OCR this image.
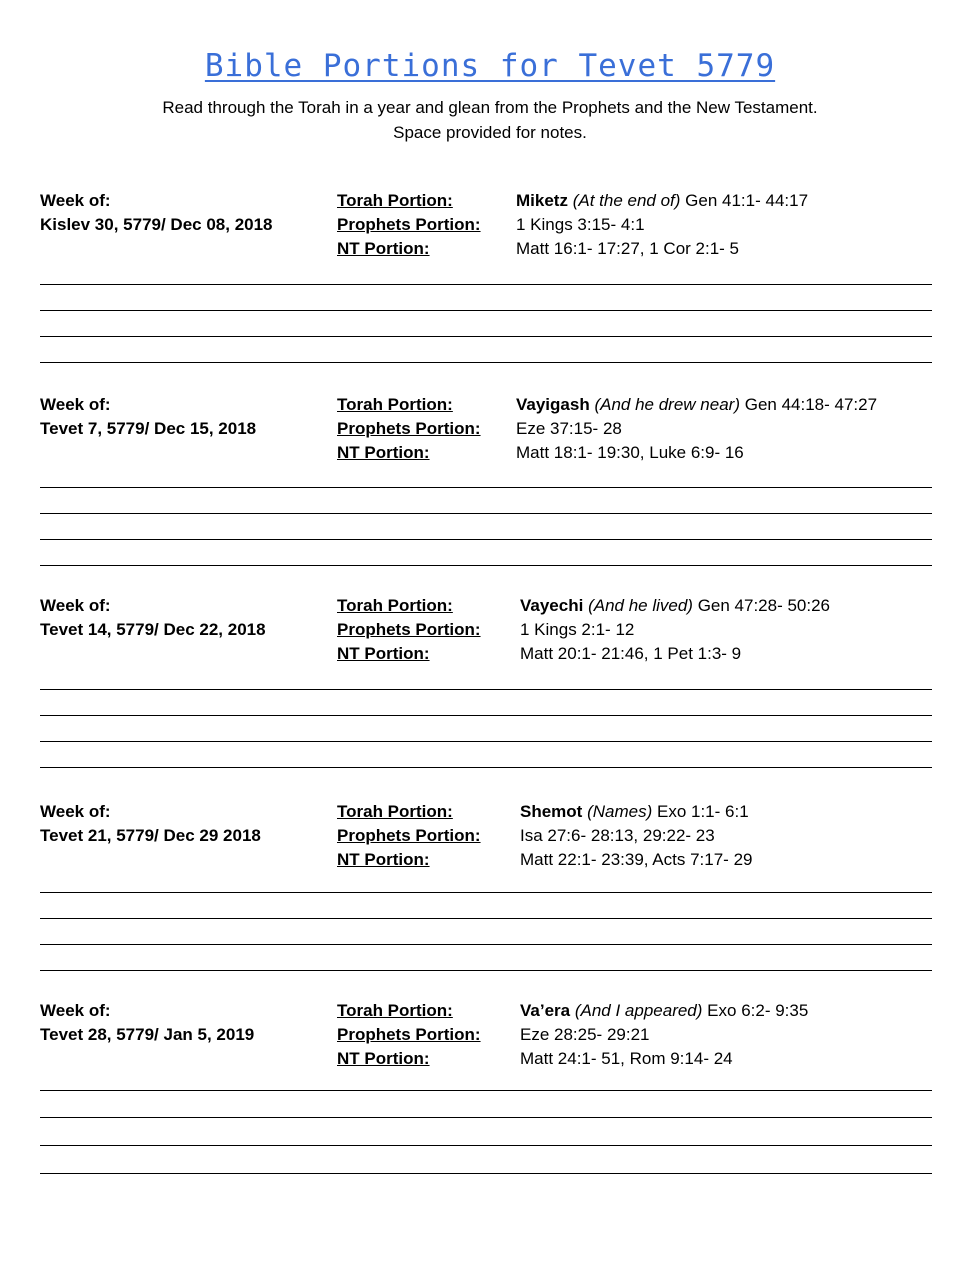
Bible Portions for Tevet 5779
Read through the Torah in a year and glean from the Prophets and the New Testament.
Space provided for notes.
Week of:
Kislev 30, 5779/ Dec 08, 2018
Torah Portion:
Prophets Portion:
NT Portion:
Miketz (At the end of) Gen 41:1- 44:17
1 Kings 3:15- 4:1
Matt 16:1- 17:27, 1 Cor 2:1- 5
Week of:
Tevet 7, 5779/ Dec 15, 2018
Torah Portion:
Prophets Portion:
NT Portion:
Vayigash (And he drew near) Gen 44:18- 47:27
Eze 37:15- 28
Matt 18:1- 19:30, Luke 6:9- 16
Week of:
Tevet 14, 5779/ Dec 22, 2018
Torah Portion:
Prophets Portion:
NT Portion:
Vayechi (And he lived) Gen 47:28- 50:26
1 Kings 2:1- 12
Matt 20:1- 21:46, 1 Pet 1:3- 9
Week of:
Tevet 21, 5779/ Dec 29 2018
Torah Portion:
Prophets Portion:
NT Portion:
Shemot (Names) Exo 1:1- 6:1
Isa 27:6- 28:13, 29:22- 23
Matt 22:1- 23:39, Acts 7:17- 29
Week of:
Tevet 28, 5779/ Jan 5, 2019
Torah Portion:
Prophets Portion:
NT Portion:
Va’era (And I appeared) Exo 6:2- 9:35
Eze 28:25- 29:21
Matt 24:1- 51, Rom 9:14- 24
